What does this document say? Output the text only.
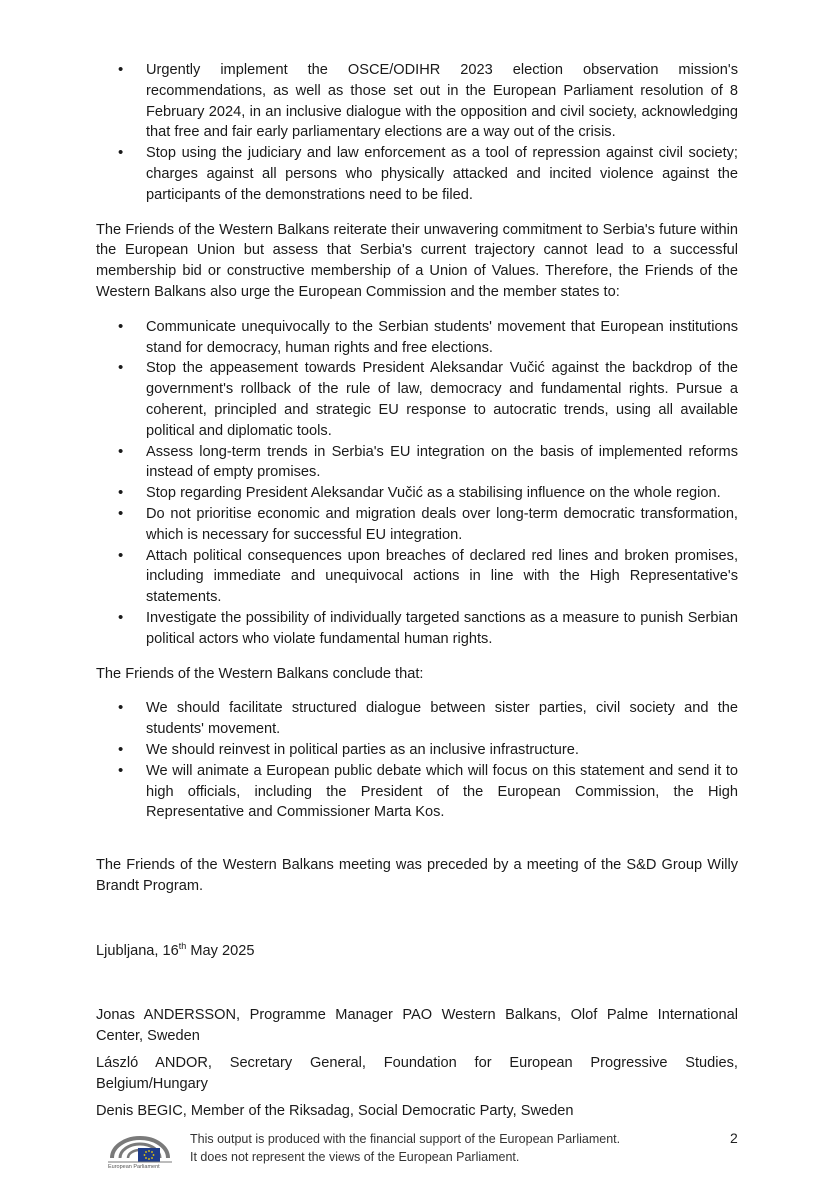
• Urgently implement the OSCE/ODIHR 2023 election observation mission's recommendations, as well as those set out in the European Parliament resolution of 8 February 2024, in an inclusive dialogue with the opposition and civil society, acknowledging that free and fair early parliamentary elections are a way out of the crisis.
• Stop using the judiciary and law enforcement as a tool of repression against civil society; charges against all persons who physically attacked and incited violence against the participants of the demonstrations need to be filed.

The Friends of the Western Balkans reiterate their unwavering commitment to Serbia's future within the European Union but assess that Serbia's current trajectory cannot lead to a successful membership bid or constructive membership of a Union of Values. Therefore, the Friends of the Western Balkans also urge the European Commission and the member states to:

• Communicate unequivocally to the Serbian students' movement that European institutions stand for democracy, human rights and free elections.
• Stop the appeasement towards President Aleksandar Vučić against the backdrop of the government's rollback of the rule of law, democracy and fundamental rights. Pursue a coherent, principled and strategic EU response to autocratic trends, using all available political and diplomatic tools.
• Assess long-term trends in Serbia's EU integration on the basis of implemented reforms instead of empty promises.
• Stop regarding President Aleksandar Vučić as a stabilising influence on the whole region.
• Do not prioritise economic and migration deals over long-term democratic transformation, which is necessary for successful EU integration.
• Attach political consequences upon breaches of declared red lines and broken promises, including immediate and unequivocal actions in line with the High Representative's statements.
• Investigate the possibility of individually targeted sanctions as a measure to punish Serbian political actors who violate fundamental human rights.

The Friends of the Western Balkans conclude that:

• We should facilitate structured dialogue between sister parties, civil society and the students' movement.
• We should reinvest in political parties as an inclusive infrastructure.
• We will animate a European public debate which will focus on this statement and send it to high officials, including the President of the European Commission, the High Representative and Commissioner Marta Kos.

The Friends of the Western Balkans meeting was preceded by a meeting of the S&D Group Willy Brandt Program.

Ljubljana, 16th May 2025

Jonas ANDERSSON, Programme Manager PAO Western Balkans, Olof Palme International Center, Sweden

László ANDOR, Secretary General, Foundation for European Progressive Studies, Belgium/Hungary

Denis BEGIC, Member of the Riksadag, Social Democratic Party, Sweden

European Parliament
This output is produced with the financial support of the European Parliament.
It does not represent the views of the European Parliament.
2
